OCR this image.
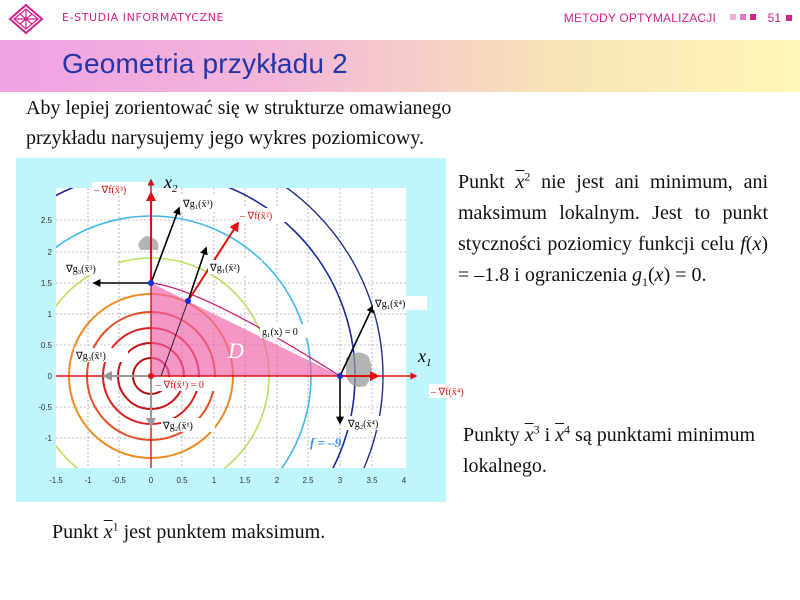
E-STUDIA INFORMATYCZNE	METODY OPTYMALIZACJI	51
Geometria przykładu 2
Aby lepiej zorientować się w strukturze omawianego przykładu narysujemy jego wykres poziomicowy.
D
-1.5	-1	-0.5	0	0.5	1	1.5	2	2.5	3	3.5	4
2.5
2
1.5
1
0.5
0
-0.5
-1
$x_2$
$x_1$
– ∇f(x̄³)
∇g₁(x̄³)
– ∇f(x̄²)
∇g₃(x̄³)	∇g₁(x̄²)
∇g₁(x̄⁴)
g₁(x) = 0
∇g₃(x̄¹)
– ∇f(x̄¹) = 0
– ∇f(x̄⁴)
∇g₂(x̄¹)	∇g₂(x̄⁴)
f = –9
Punkt $\overline{x}^2$ nie jest ani minimum, ani maksimum lokalnym. Jest to punkt styczności poziomicy funkcji celu f(x) = –1.8 i ograniczenia $g_1(x) = 0$.
Punkty $\overline{x}^3$ i $\overline{x}^4$ są punktami minimum lokalnego.
Punkt $\overline{x}^1$ jest punktem maksimum.
